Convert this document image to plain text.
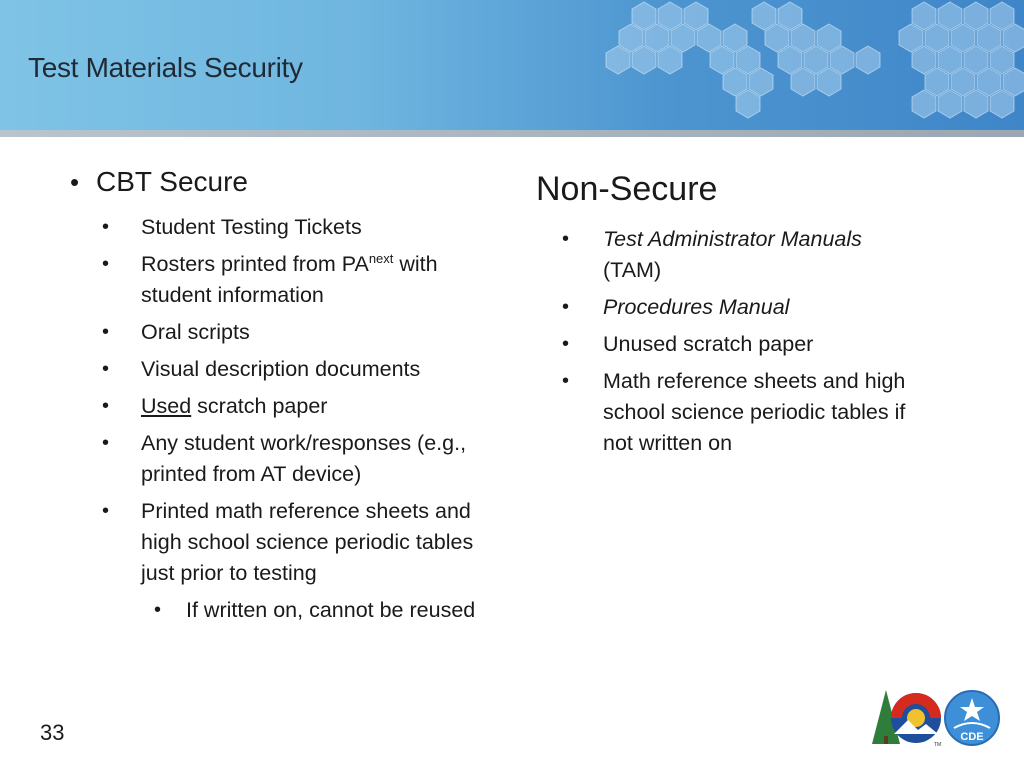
Test Materials Security
• CBT Secure
• Student Testing Tickets
• Rosters printed from $PA^{next}$ with student information
• Oral scripts
• Visual description documents
• Used scratch paper
• Any student work/responses (e.g., printed from AT device)
• Printed math reference sheets and high school science periodic tables just prior to testing
• If written on, cannot be reused
Non-Secure
• Test Administrator Manuals (TAM)
• Procedures Manual
• Unused scratch paper
• Math reference sheets and high school science periodic tables if not written on
33	TM
CDE
